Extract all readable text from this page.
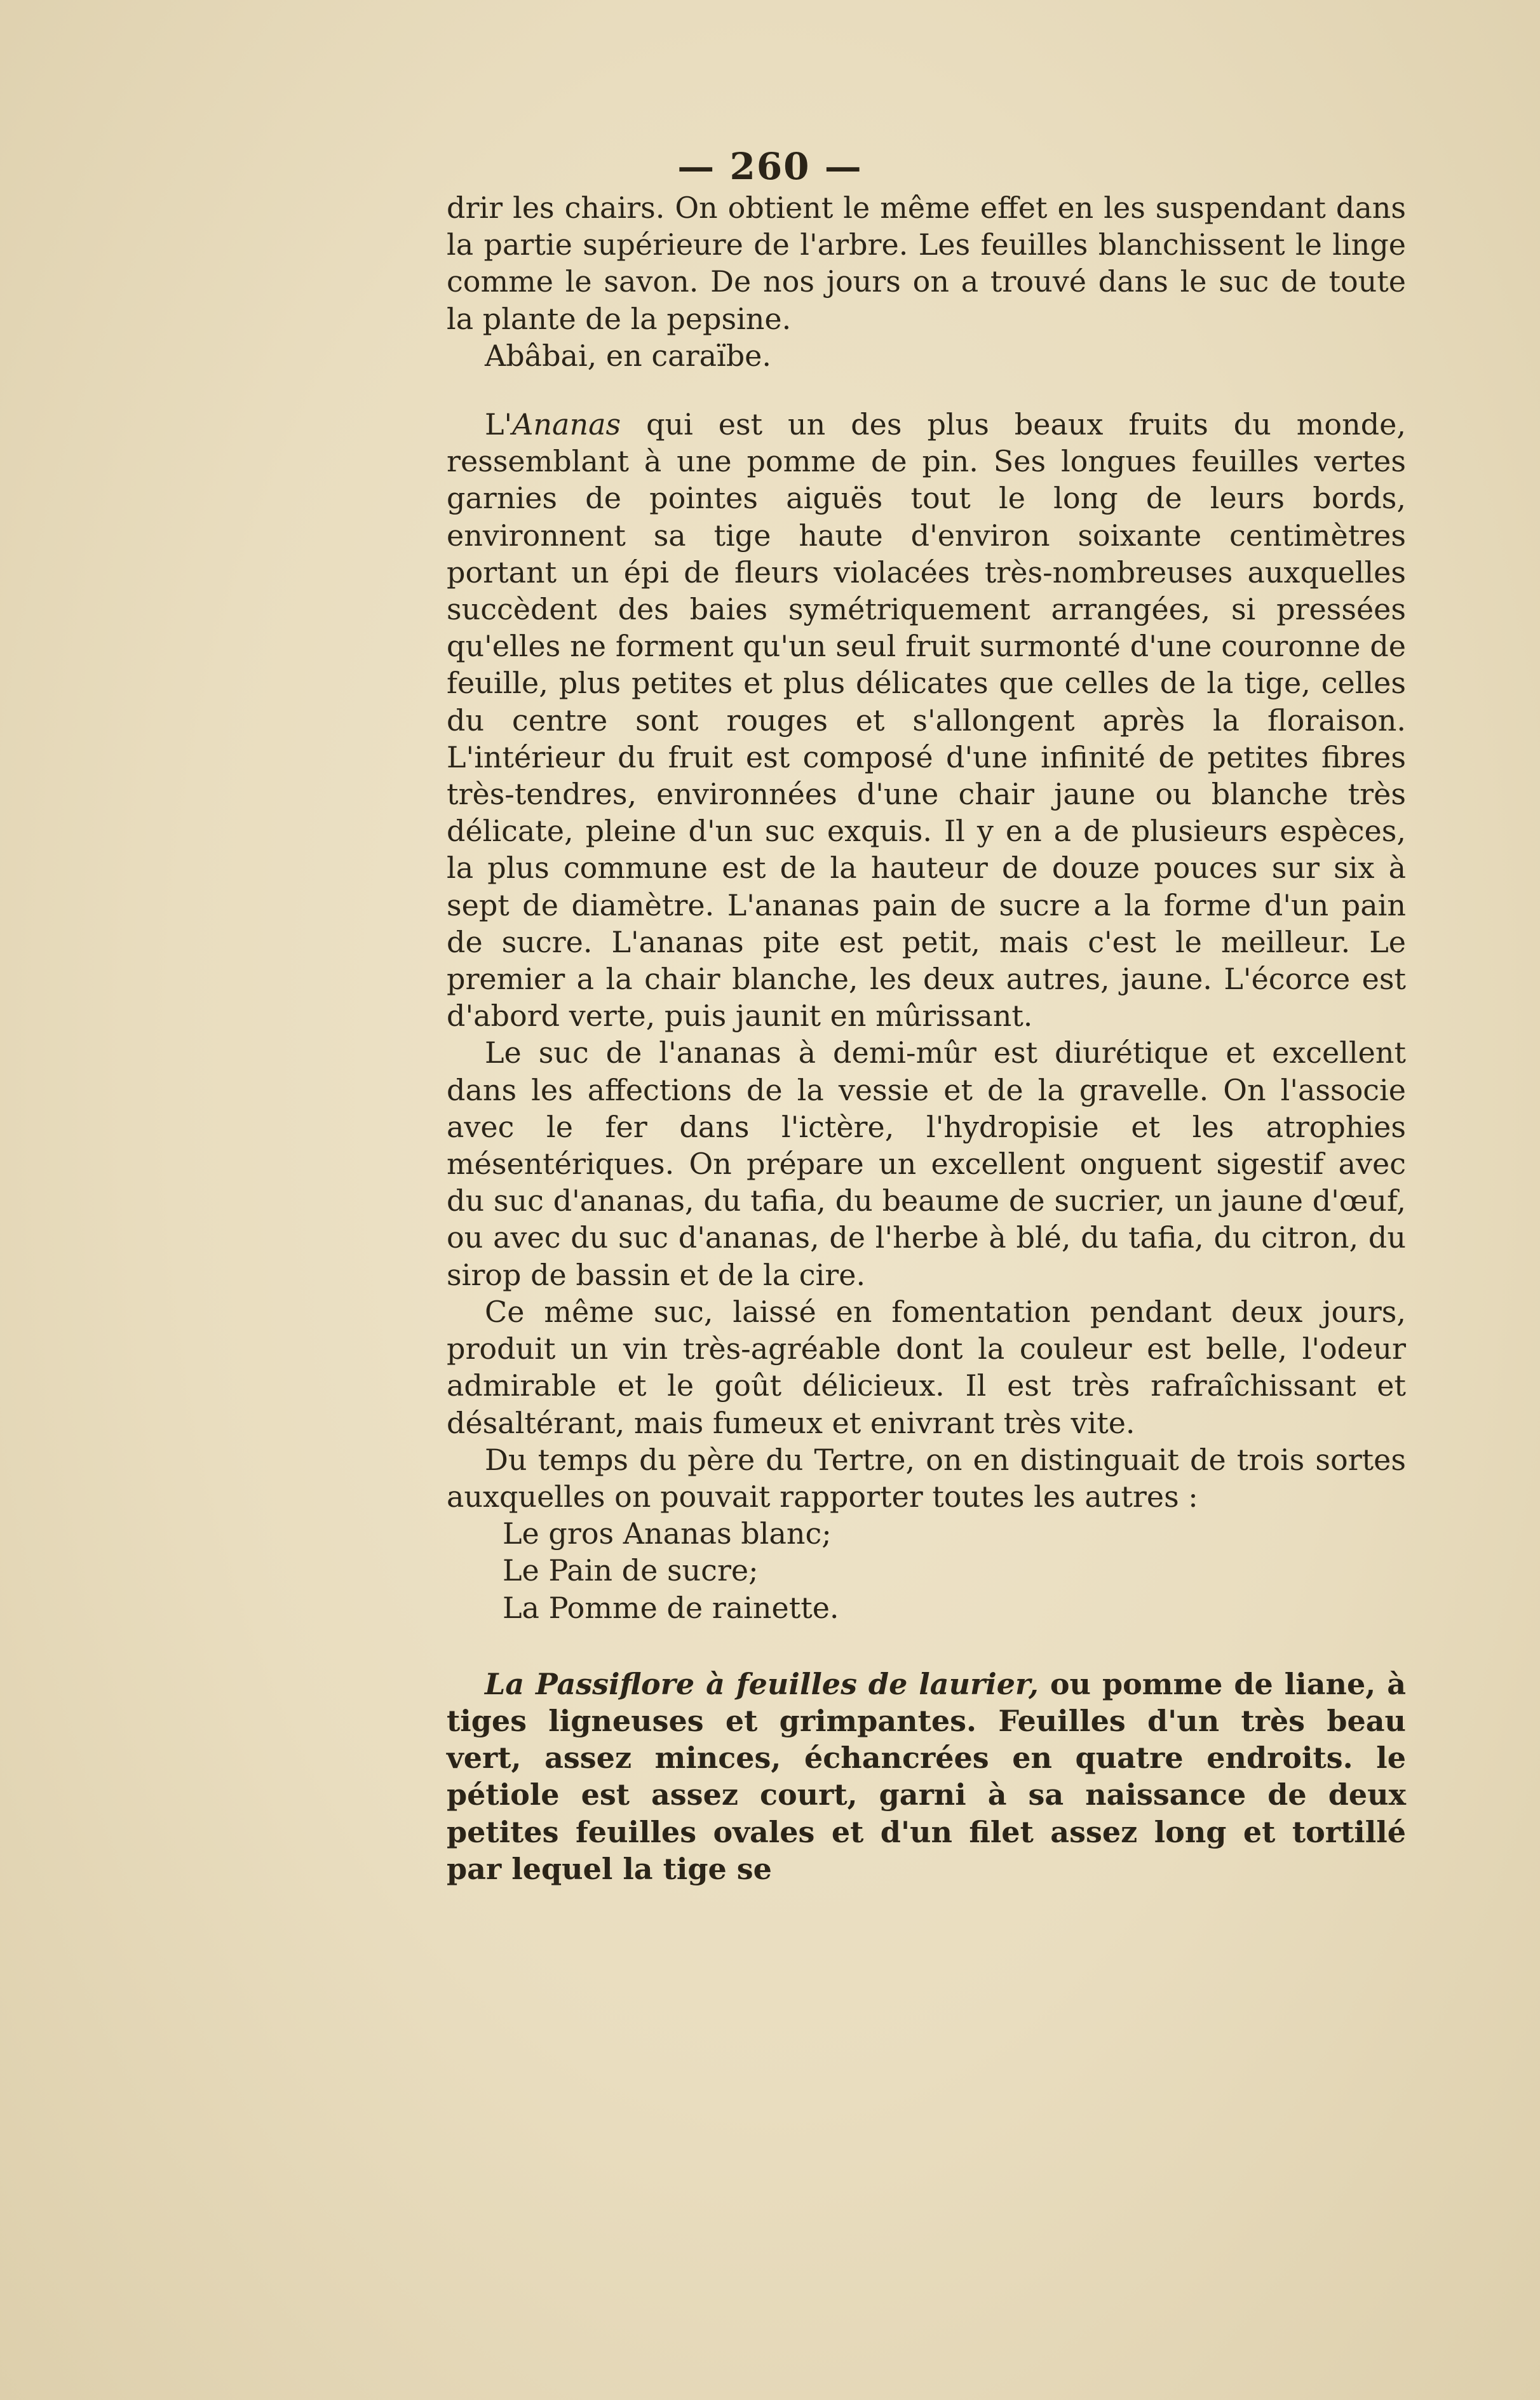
— 260 —

drir les chairs. On obtient le même effet en les suspendant dans la partie supérieure de l'arbre. Les feuilles blanchissent le linge comme le savon. De nos jours on a trouvé dans le suc de toute la plante de la pepsine.

Abâbai, en caraïbe.

L'Ananas qui est un des plus beaux fruits du monde, ressemblant à une pomme de pin. Ses longues feuilles vertes garnies de pointes aiguës tout le long de leurs bords, environnent sa tige haute d'environ soixante centimètres portant un épi de fleurs violacées très-nombreuses auxquelles succèdent des baies symétriquement arrangées, si pressées qu'elles ne forment qu'un seul fruit surmonté d'une couronne de feuille, plus petites et plus délicates que celles de la tige, celles du centre sont rouges et s'allongent après la floraison. L'intérieur du fruit est composé d'une infinité de petites fibres très-tendres, environnées d'une chair jaune ou blanche très délicate, pleine d'un suc exquis. Il y en a de plusieurs espèces, la plus commune est de la hauteur de douze pouces sur six à sept de diamètre. L'ananas pain de sucre a la forme d'un pain de sucre. L'ananas pite est petit, mais c'est le meilleur. Le premier a la chair blanche, les deux autres, jaune. L'écorce est d'abord verte, puis jaunit en mûrissant.

Le suc de l'ananas à demi-mûr est diurétique et excellent dans les affections de la vessie et de la gravelle. On l'associe avec le fer dans l'ictère, l'hydropisie et les atrophies mésentériques. On prépare un excellent onguent sigestif avec du suc d'ananas, du tafia, du beaume de sucrier, un jaune d'œuf, ou avec du suc d'ananas, de l'herbe à blé, du tafia, du citron, du sirop de bassin et de la cire.

Ce même suc, laissé en fomentation pendant deux jours, produit un vin très-agréable dont la couleur est belle, l'odeur admirable et le goût délicieux. Il est très rafraîchissant et désaltérant, mais fumeux et enivrant très vite.

Du temps du père du Tertre, on en distinguait de trois sortes auxquelles on pouvait rapporter toutes les autres :

Le gros Ananas blanc;

Le Pain de sucre;

La Pomme de rainette.

La Passiflore à feuilles de laurier, ou pomme de liane, à tiges ligneuses et grimpantes. Feuilles d'un très beau vert, assez minces, échancrées en quatre endroits. le pétiole est assez court, garni à sa naissance de deux petites feuilles ovales et d'un filet assez long et tortillé par lequel la tige se
